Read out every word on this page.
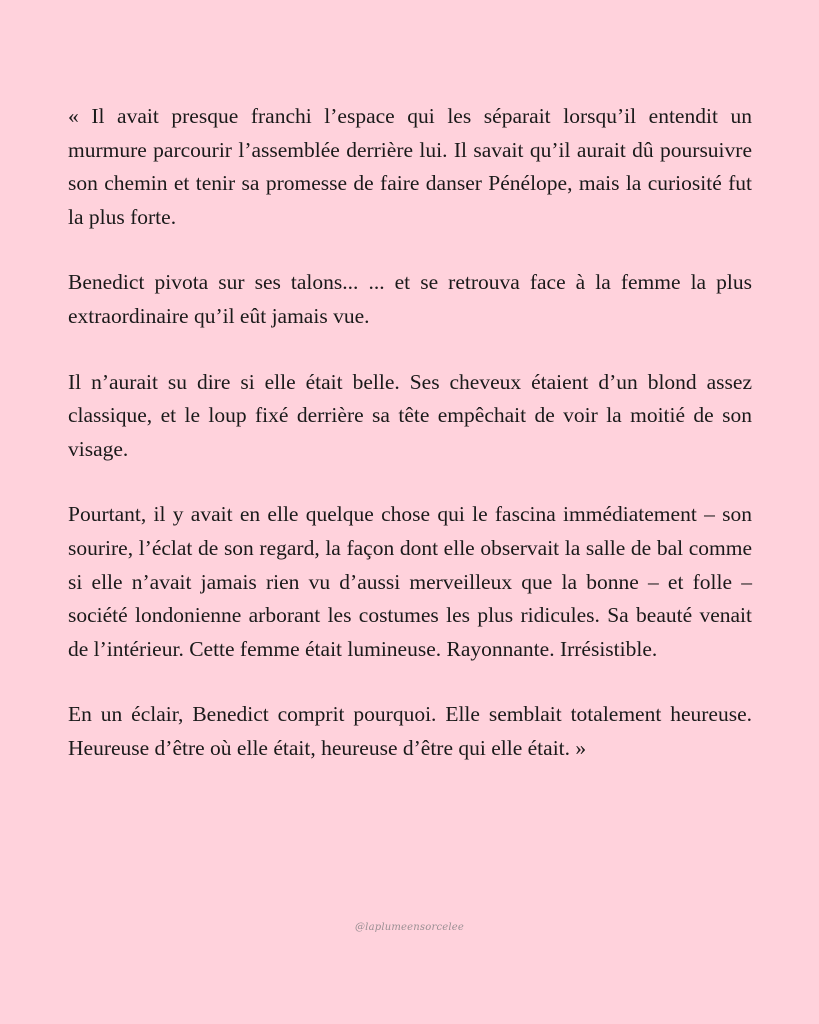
« Il avait presque franchi l’espace qui les séparait lorsqu’il entendit un murmure parcourir l’assemblée derrière lui. Il savait qu’il aurait dû poursuivre son chemin et tenir sa promesse de faire danser Pénélope, mais la curiosité fut la plus forte.

Benedict pivota sur ses talons... ... et se retrouva face à la femme la plus extraordinaire qu’il eût jamais vue.

Il n’aurait su dire si elle était belle. Ses cheveux étaient d’un blond assez classique, et le loup fixé derrière sa tête empêchait de voir la moitié de son visage.

Pourtant, il y avait en elle quelque chose qui le fascina immédiatement – son sourire, l’éclat de son regard, la façon dont elle observait la salle de bal comme si elle n’avait jamais rien vu d’aussi merveilleux que la bonne – et folle – société londonienne arborant les costumes les plus ridicules. Sa beauté venait de l’intérieur. Cette femme était lumineuse. Rayonnante. Irrésistible.

En un éclair, Benedict comprit pourquoi. Elle semblait totalement heureuse. Heureuse d’être où elle était, heureuse d’être qui elle était. »

@laplumeensorcelee
